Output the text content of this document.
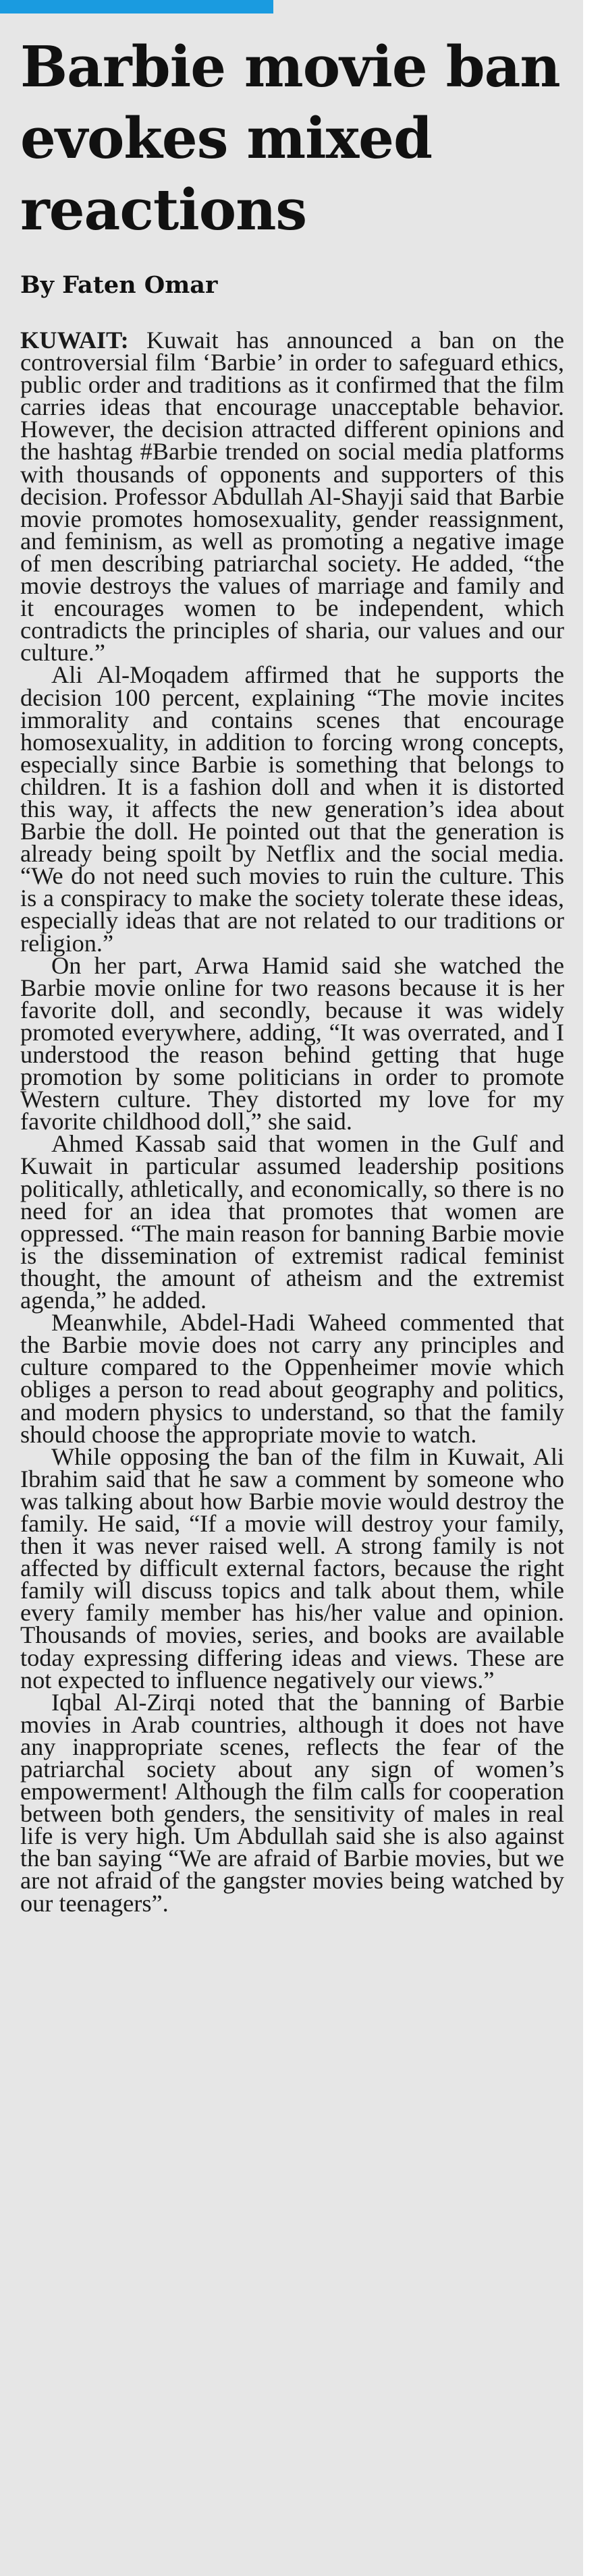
Barbie movie ban evokes mixed reactions
By Faten Omar

KUWAIT: Kuwait has announced a ban on the controversial film ‘Barbie’ in order to safeguard ethics, public order and traditions as it confirmed that the film carries ideas that encourage unacceptable behavior. However, the decision attracted different opinions and the hashtag #Barbie trended on social media platforms with thousands of opponents and supporters of this decision. Professor Abdullah Al-Shayji said that Barbie movie promotes homosexuality, gender reassignment, and feminism, as well as promoting a negative image of men describing patriarchal society. He added, “the movie destroys the values of marriage and family and it encourages women to be independent, which contradicts the principles of sharia, our values and our culture.”

Ali Al-Moqadem affirmed that he supports the decision 100 percent, explaining “The movie incites immorality and contains scenes that encourage homosexuality, in addition to forcing wrong concepts, especially since Barbie is something that belongs to children. It is a fashion doll and when it is distorted this way, it affects the new generation’s idea about Barbie the doll. He pointed out that the generation is already being spoilt by Netflix and the social media. “We do not need such movies to ruin the culture. This is a conspiracy to make the society tolerate these ideas, especially ideas that are not related to our traditions or religion.”

On her part, Arwa Hamid said she watched the Barbie movie online for two reasons because it is her favorite doll, and secondly, because it was widely promoted everywhere, adding, “It was overrated, and I understood the reason behind getting that huge promotion by some politicians in order to promote Western culture. They distorted my love for my favorite childhood doll,” she said.

Ahmed Kassab said that women in the Gulf and Kuwait in particular assumed leadership positions politically, athletically, and economically, so there is no need for an idea that promotes that women are oppressed. “The main reason for banning Barbie movie is the dissemination of extremist radical feminist thought, the amount of atheism and the extremist agenda,” he added.

Meanwhile, Abdel-Hadi Waheed commented that the Barbie movie does not carry any principles and culture compared to the Oppenheimer movie which obliges a person to read about geography and politics, and modern physics to understand, so that the family should choose the appropriate movie to watch.

While opposing the ban of the film in Kuwait, Ali Ibrahim said that he saw a comment by someone who was talking about how Barbie movie would destroy the family. He said, “If a movie will destroy your family, then it was never raised well. A strong family is not affected by difficult external factors, because the right family will discuss topics and talk about them, while every family member has his/her value and opinion. Thousands of movies, series, and books are available today expressing differing ideas and views. These are not expected to influence negatively our views.”

Iqbal Al-Zirqi noted that the banning of Barbie movies in Arab countries, although it does not have any inappropriate scenes, reflects the fear of the patriarchal society about any sign of women’s empowerment! Although the film calls for cooperation between both genders, the sensitivity of males in real life is very high. Um Abdullah said she is also against the ban saying “We are afraid of Barbie movies, but we are not afraid of the gangster movies being watched by our teenagers”.
